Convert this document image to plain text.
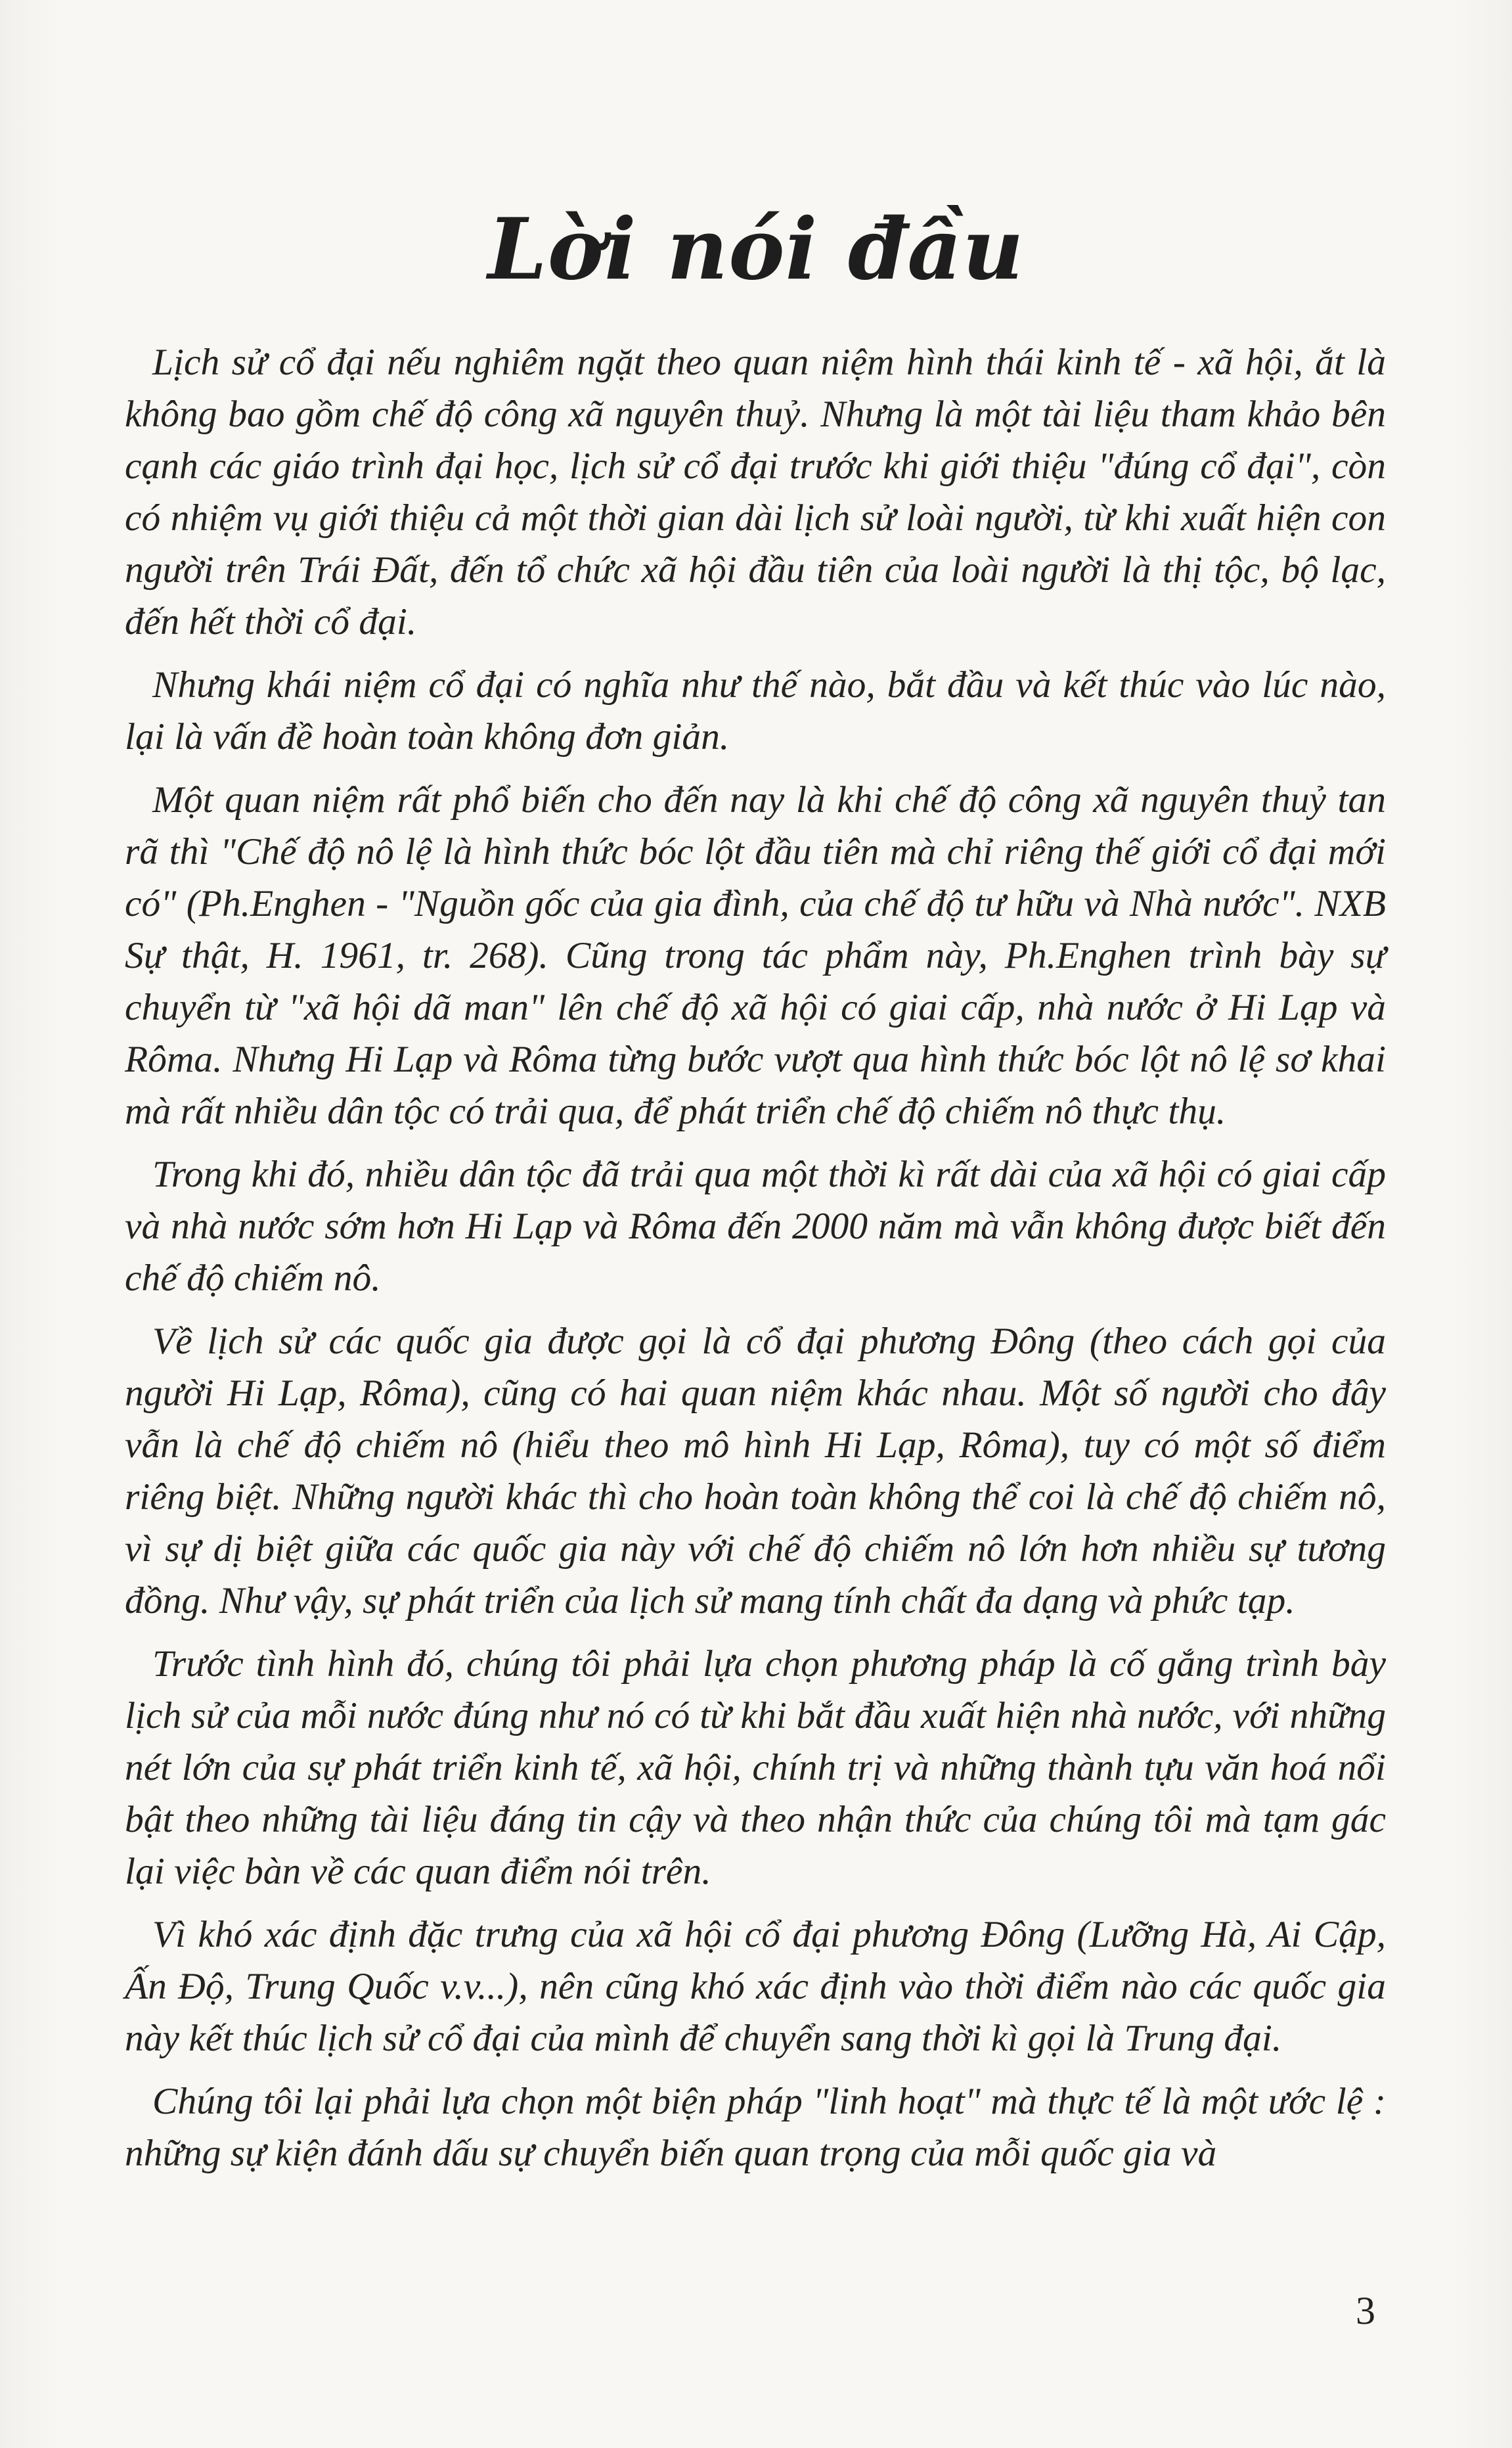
Lời nói đầu

Lịch sử cổ đại nếu nghiêm ngặt theo quan niệm hình thái kinh tế - xã hội, ắt là không bao gồm chế độ công xã nguyên thuỷ. Nhưng là một tài liệu tham khảo bên cạnh các giáo trình đại học, lịch sử cổ đại trước khi giới thiệu "đúng cổ đại", còn có nhiệm vụ giới thiệu cả một thời gian dài lịch sử loài người, từ khi xuất hiện con người trên Trái Đất, đến tổ chức xã hội đầu tiên của loài người là thị tộc, bộ lạc, đến hết thời cổ đại.

Nhưng khái niệm cổ đại có nghĩa như thế nào, bắt đầu và kết thúc vào lúc nào, lại là vấn đề hoàn toàn không đơn giản.

Một quan niệm rất phổ biến cho đến nay là khi chế độ công xã nguyên thuỷ tan rã thì "Chế độ nô lệ là hình thức bóc lột đầu tiên mà chỉ riêng thế giới cổ đại mới có" (Ph.Enghen - "Nguồn gốc của gia đình, của chế độ tư hữu và Nhà nước". NXB Sự thật, H. 1961, tr. 268). Cũng trong tác phẩm này, Ph.Enghen trình bày sự chuyển từ "xã hội dã man" lên chế độ xã hội có giai cấp, nhà nước ở Hi Lạp và Rôma. Nhưng Hi Lạp và Rôma từng bước vượt qua hình thức bóc lột nô lệ sơ khai mà rất nhiều dân tộc có trải qua, để phát triển chế độ chiếm nô thực thụ.

Trong khi đó, nhiều dân tộc đã trải qua một thời kì rất dài của xã hội có giai cấp và nhà nước sớm hơn Hi Lạp và Rôma đến 2000 năm mà vẫn không được biết đến chế độ chiếm nô.

Về lịch sử các quốc gia được gọi là cổ đại phương Đông (theo cách gọi của người Hi Lạp, Rôma), cũng có hai quan niệm khác nhau. Một số người cho đây vẫn là chế độ chiếm nô (hiểu theo mô hình Hi Lạp, Rôma), tuy có một số điểm riêng biệt. Những người khác thì cho hoàn toàn không thể coi là chế độ chiếm nô, vì sự dị biệt giữa các quốc gia này với chế độ chiếm nô lớn hơn nhiều sự tương đồng. Như vậy, sự phát triển của lịch sử mang tính chất đa dạng và phức tạp.

Trước tình hình đó, chúng tôi phải lựa chọn phương pháp là cố gắng trình bày lịch sử của mỗi nước đúng như nó có từ khi bắt đầu xuất hiện nhà nước, với những nét lớn của sự phát triển kinh tế, xã hội, chính trị và những thành tựu văn hoá nổi bật theo những tài liệu đáng tin cậy và theo nhận thức của chúng tôi mà tạm gác lại việc bàn về các quan điểm nói trên.

Vì khó xác định đặc trưng của xã hội cổ đại phương Đông (Lưỡng Hà, Ai Cập, Ấn Độ, Trung Quốc v.v...), nên cũng khó xác định vào thời điểm nào các quốc gia này kết thúc lịch sử cổ đại của mình để chuyển sang thời kì gọi là Trung đại.

Chúng tôi lại phải lựa chọn một biện pháp "linh hoạt" mà thực tế là một ước lệ : những sự kiện đánh dấu sự chuyển biến quan trọng của mỗi quốc gia và

3
